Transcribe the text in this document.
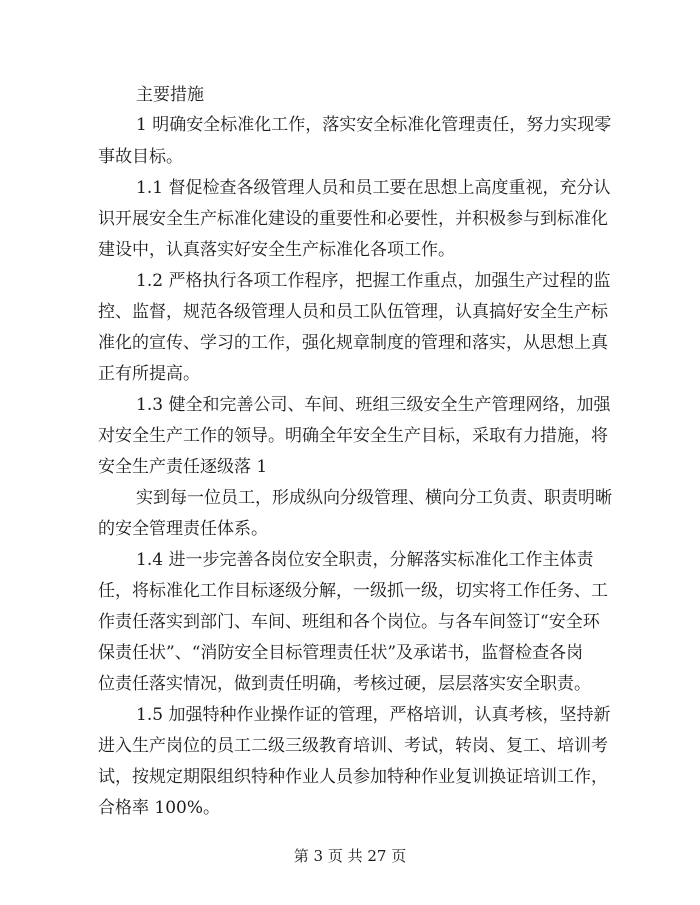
主要措施
1 明确安全标准化工作，落实安全标准化管理责任，努力实现零
事故目标。
1.1 督促检查各级管理人员和员工要在思想上高度重视，充分认
识开展安全生产标准化建设的重要性和必要性，并积极参与到标准化
建设中，认真落实好安全生产标准化各项工作。
1.2 严格执行各项工作程序，把握工作重点，加强生产过程的监
控、监督，规范各级管理人员和员工队伍管理，认真搞好安全生产标
准化的宣传、学习的工作，强化规章制度的管理和落实，从思想上真
正有所提高。
1.3 健全和完善公司、车间、班组三级安全生产管理网络，加强
对安全生产工作的领导。明确全年安全生产目标，采取有力措施，将
安全生产责任逐级落 1
实到每一位员工，形成纵向分级管理、横向分工负责、职责明晰
的安全管理责任体系。
1.4 进一步完善各岗位安全职责，分解落实标准化工作主体责
任，将标准化工作目标逐级分解，一级抓一级，切实将工作任务、工
作责任落实到部门、车间、班组和各个岗位。与各车间签订“安全环
保责任状”、“消防安全目标管理责任状”及承诺书，监督检查各岗
位责任落实情况，做到责任明确，考核过硬，层层落实安全职责。
1.5 加强特种作业操作证的管理，严格培训，认真考核，坚持新
进入生产岗位的员工二级三级教育培训、考试，转岗、复工、培训考
试，按规定期限组织特种作业人员参加特种作业复训换证培训工作，
合格率 100%。
第 3 页 共 27 页
